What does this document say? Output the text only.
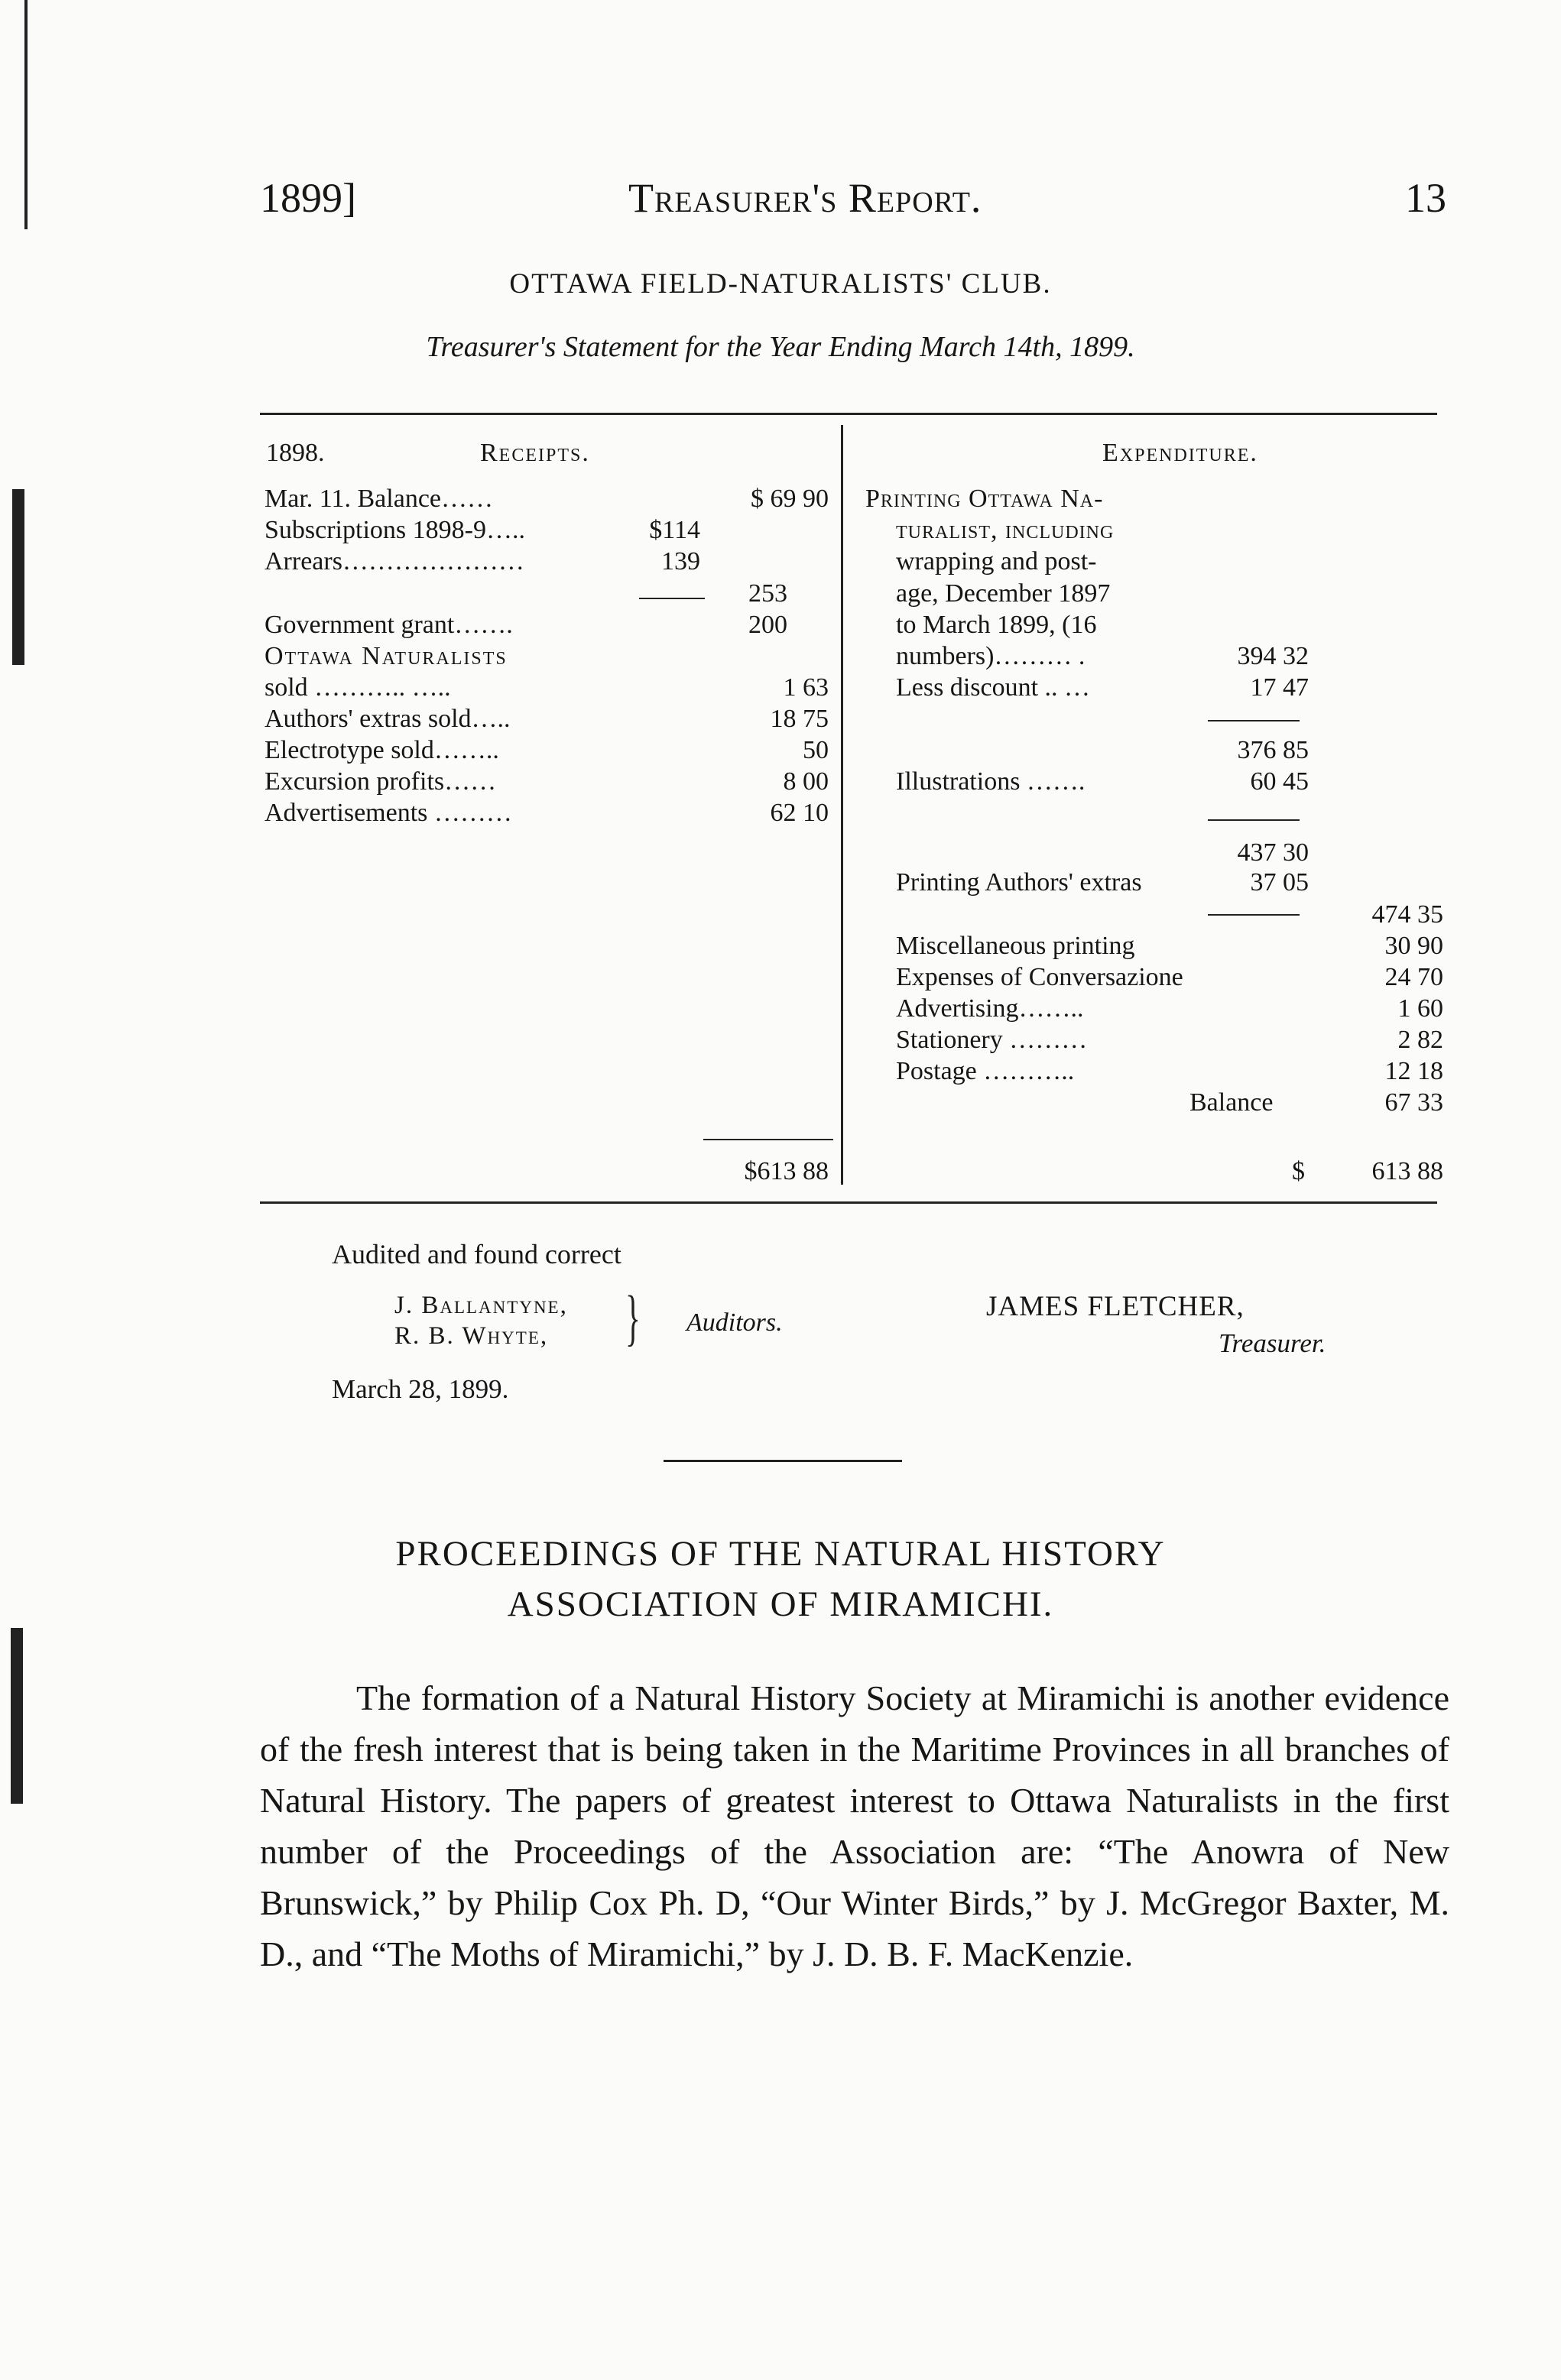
1899]	Treasurer's Report.	13
OTTAWA FIELD-NATURALISTS' CLUB.
Treasurer's Statement for the Year Ending March 14th, 1899.
1898.	Receipts.
Mar. 11. Balance……	$ 69 90
Subscriptions 1898-9…..	$114
Arrears…………………	139
253
Government grant…….	200
Ottawa Naturalists
sold ……….. …..	1 63
Authors' extras sold…..	18 75
Electrotype sold……..	50
Excursion profits……	8 00
Advertisements ………	62 10
$613 88
Expenditure.
Printing Ottawa Na-
turalist, including
wrapping and post-
age, December 1897
to March 1899, (16
numbers)……… .	394 32
Less discount .. …	17 47
376 85
Illustrations …….	60 45
437 30
Printing Authors' extras	37 05
474 35
Miscellaneous printing	30 90
Expenses of Conversazione	24 70
Advertising……..	1 60
Stationery ………	2 82
Postage ………..	12 18
Balance	67 33
$	613 88
Audited and found correct
J. Ballantyne,
R. B. Whyte,	} Auditors.
JAMES FLETCHER,
Treasurer.
March 28, 1899.
PROCEEDINGS OF THE NATURAL HISTORY
ASSOCIATION OF MIRAMICHI.
The formation of a Natural History Society at Miramichi is another evidence of the fresh interest that is being taken in the Maritime Provinces in all branches of Natural History. The papers of greatest interest to Ottawa Naturalists in the first number of the Proceedings of the Association are: “The Anowra of New Brunswick,” by Philip Cox Ph. D, “Our Winter Birds,” by J. McGregor Baxter, M. D., and “The Moths of Miramichi,” by J. D. B. F. MacKenzie.
